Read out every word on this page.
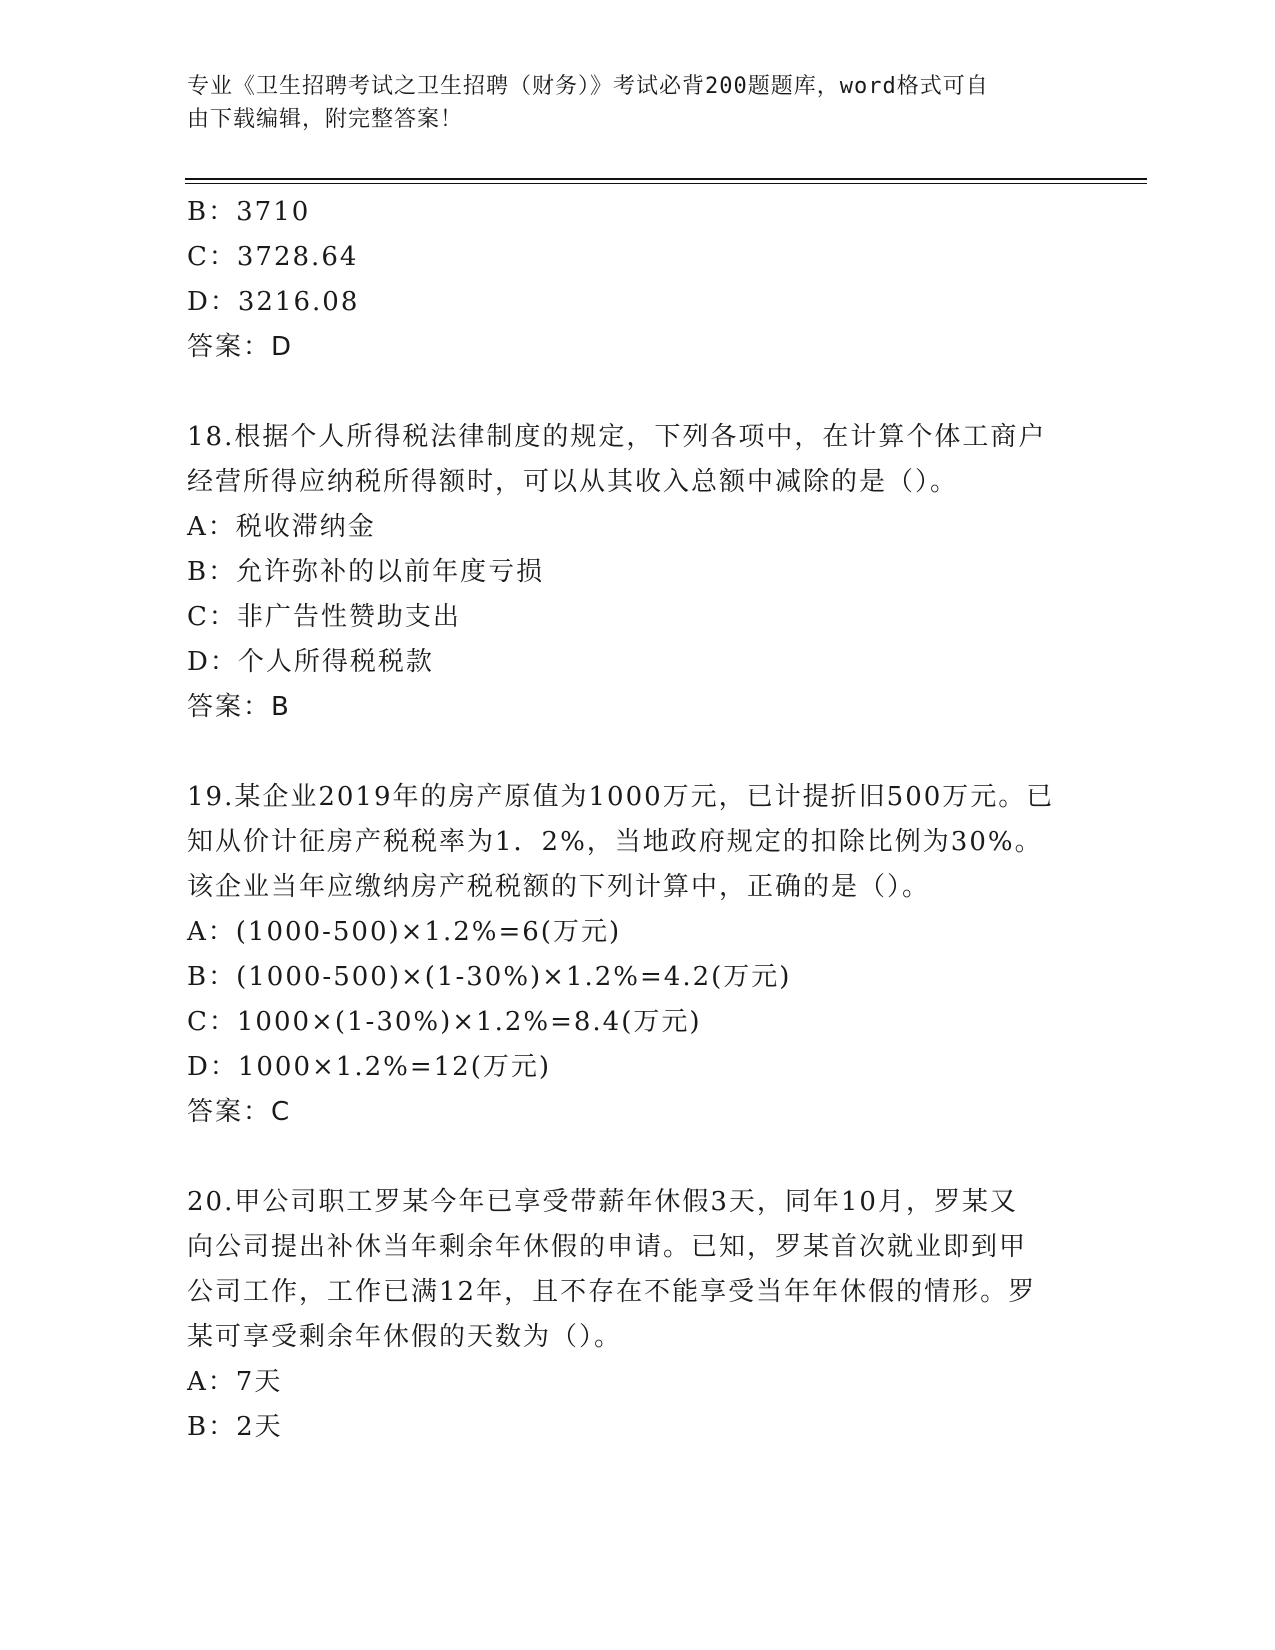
专业《卫生招聘考试之卫生招聘（财务）》考试必背200题题库，word格式可自
由下载编辑，附完整答案！
B：3710
C：3728.64
D：3216.08
答案：D
18.根据个人所得税法律制度的规定，下列各项中，在计算个体工商户
经营所得应纳税所得额时，可以从其收入总额中减除的是（）。
A：税收滞纳金
B：允许弥补的以前年度亏损
C：非广告性赞助支出
D：个人所得税税款
答案：B
19.某企业2019年的房产原值为1000万元，已计提折旧500万元。已
知从价计征房产税税率为1．2%，当地政府规定的扣除比例为30%。
该企业当年应缴纳房产税税额的下列计算中，正确的是（）。
A：(1000-500)×1.2%=6(万元)
B：(1000-500)×(1-30%)×1.2%=4.2(万元)
C：1000×(1-30%)×1.2%=8.4(万元)
D：1000×1.2%=12(万元)
答案：C
20.甲公司职工罗某今年已享受带薪年休假3天，同年10月，罗某又
向公司提出补休当年剩余年休假的申请。已知，罗某首次就业即到甲
公司工作，工作已满12年，且不存在不能享受当年年休假的情形。罗
某可享受剩余年休假的天数为（）。
A：7天
B：2天
